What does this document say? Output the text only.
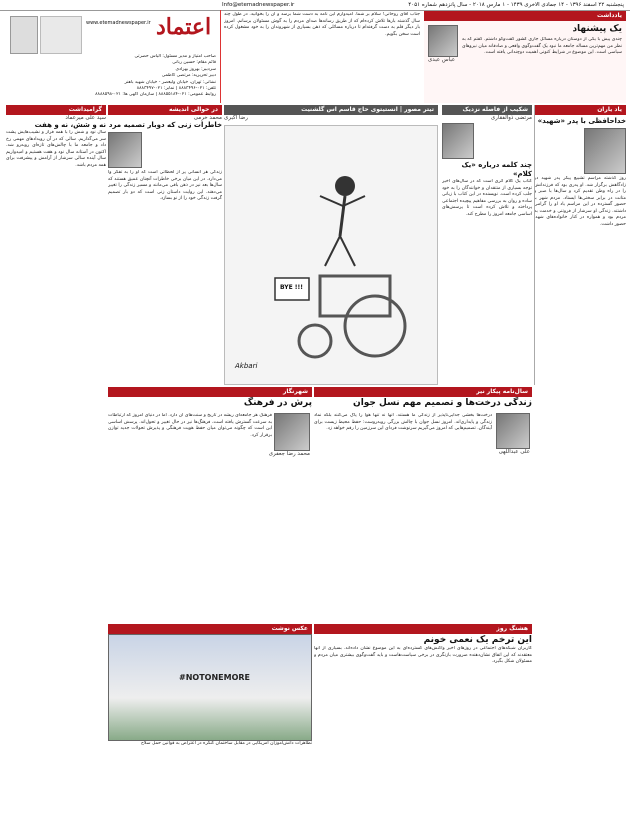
Info@etemadnewspaper.ir	پنجشنبه ۲۲ اسفند ۱۳۹۶ - ۱۴ جمادی الاخری ۱۴۳۹ - ۱ مارس ۲۰۱۸ - سال پانزدهم شماره ۴۰۵۱
اعتماد
www.etemadnewspaper.ir
صاحب امتیاز و مدیر مسئول: الیاس حضرتی
قائم مقام: حسین ربانی
سردبیر: بهروز بهزادی
دبیر تحریریه: مرتضی کاظمی
نشانی: تهران، خیابان ولیعصر - خیابان شهید باهنر
تلفن: ۰۲۱-۸۸۸۳۴۹۶ | نمابر: ۰۲۱-۸۸۸۳۴۹۷
روابط عمومی: ۰۲۱-۸۸۸۵۵۱۸۴ | سازمان آگهی ها: ۰۲۱-۸۸۸۸۵۹۸
جناب آقای روحانی! سلام بر شما. امیدوارم این نامه به دست شما برسد و آن را بخوانید. در طول چند سال گذشته بارها تلاش کرده‌ام که از طریق رسانه‌ها صدای مردم را به گوش مسئولان برسانم. امروز بار دیگر قلم به دست گرفته‌ام تا درباره مسائلی که ذهن بسیاری از شهروندان را به خود مشغول کرده است سخن بگویم.
یادداشت
یک پیشنهاد
عباس عبدی
چندی پیش با یکی از دوستان درباره مسائل جاری کشور گفت‌وگو داشتم. گفتم که به نظر من مهم‌ترین مساله جامعه ما نبود یک گفت‌وگوی واقعی و صادقانه میان نیروهای سیاسی است. این موضوع در شرایط کنونی اهمیت دوچندانی یافته است.
یاد یاران
خداحافظی با پدر «شهید»
روز گذشته مراسم تشییع پیکر پدر شهید در زادگاهش برگزار شد. او پدری بود که فرزندانش را در راه وطن تقدیم کرد و سال‌ها با صبر و متانت در برابر سختی‌ها ایستاد. مردم شهر با حضور گسترده در این مراسم یاد او را گرامی داشتند. زندگی او سرشار از فروتنی و خدمت به مردم بود و همواره در کنار خانواده‌های شهدا حضور داشت.
شکیب از فاصله نزدیک
مرتضی ذوالفقاری
چند کلمه درباره «یک کلام»
کتاب یک کلام اثری است که در سال‌های اخیر توجه بسیاری از منتقدان و خوانندگان را به خود جلب کرده است. نویسنده در این کتاب با زبانی ساده و روان به بررسی مفاهیم پیچیده اجتماعی پرداخته و تلاش کرده است تا پرسش‌های اساسی جامعه امروز را مطرح کند.
تیتر مصور | انستیتوی حاج قاسم اس گلشنیت
رضا اکبری
BYE !!!
Akbari
در حوالی اندیشه
محمد خرمی
خاطرات زنی که دوبار تصمیه مرد
زندگی هر انسانی پر از لحظاتی است که او را به تفکر وا می‌دارد. در این میان برخی خاطرات آنچنان عمیق هستند که سال‌ها بعد نیز در ذهن باقی می‌مانند و مسیر زندگی را تغییر می‌دهند. این روایت داستان زنی است که دو بار تصمیم گرفت زندگی خود را از نو بسازد.
گرامیداشت
سید علی میرعماد
نه و شش، نه و هفت
سال نود و شش را با همه فراز و نشیب‌هایش پشت سر می‌گذاریم. سالی که در آن رویدادهای مهمی رخ داد و جامعه ما با چالش‌های تازه‌ای روبه‌رو شد. اکنون در آستانه سال نود و هفت هستیم و امیدواریم سال آینده سالی سرشار از آرامش و پیشرفت برای همه مردم باشد.
سال‌نامه پیکار نیر
زندگی درخت‌ها و تصمیم مهم نسل جوان
علی عبداللهی
درخت‌ها بخشی جدایی‌ناپذیر از زندگی ما هستند. آنها نه تنها هوا را پاک می‌کنند بلکه نماد زندگی و پایداری‌اند. امروز نسل جوان با چالش بزرگی روبه‌روست: حفظ محیط زیست برای آیندگان. تصمیم‌هایی که امروز می‌گیریم سرنوشت فردای این سرزمین را رقم خواهد زد.
شهرنگار
پرش در فرهنگ
محمد رضا جعفری
فرهنگ هر جامعه‌ای ریشه در تاریخ و سنت‌های آن دارد. اما در دنیای امروز که ارتباطات به سرعت گسترش یافته است، فرهنگ‌ها نیز در حال تغییر و تحول‌اند. پرسش اساسی این است که چگونه می‌توان میان حفظ هویت فرهنگی و پذیرش تحولات جدید توازن برقرار کرد.
عکس نوشت
#NOTONEMORE
تظاهرات دانش‌آموزان آمریکایی در مقابل ساختمان کنگره در اعتراض به قوانین حمل سلاح
هشتگ روز
این ترخم یک نعمی خونم
کاربران شبکه‌های اجتماعی در روزهای اخیر واکنش‌های گسترده‌ای به این موضوع نشان داده‌اند. بسیاری از آنها معتقدند که این اتفاق نشان‌دهنده ضرورت بازنگری در برخی سیاست‌هاست و باید گفت‌وگوی بیشتری میان مردم و مسئولان شکل بگیرد.
